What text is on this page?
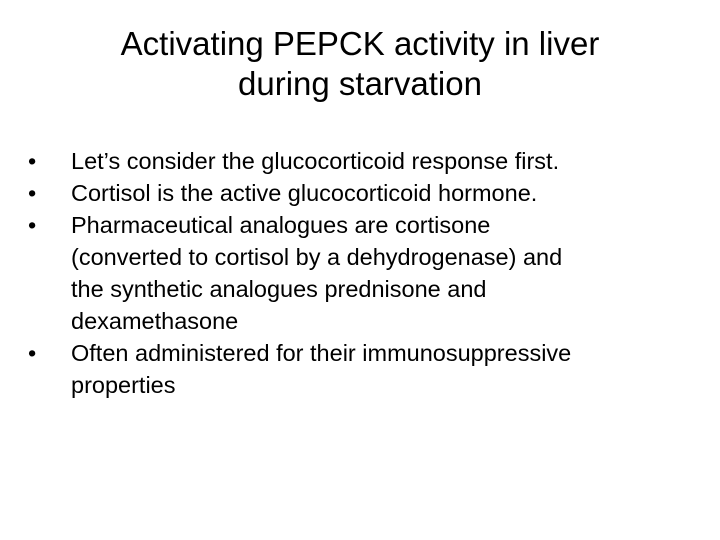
Activating PEPCK activity in liver
during starvation
•	Let’s consider the glucocorticoid response first.
•	Cortisol is the active glucocorticoid hormone.
•	Pharmaceutical analogues are cortisone
(converted to cortisol by a dehydrogenase) and
the synthetic analogues prednisone and
dexamethasone
•	Often administered for their immunosuppressive
properties
